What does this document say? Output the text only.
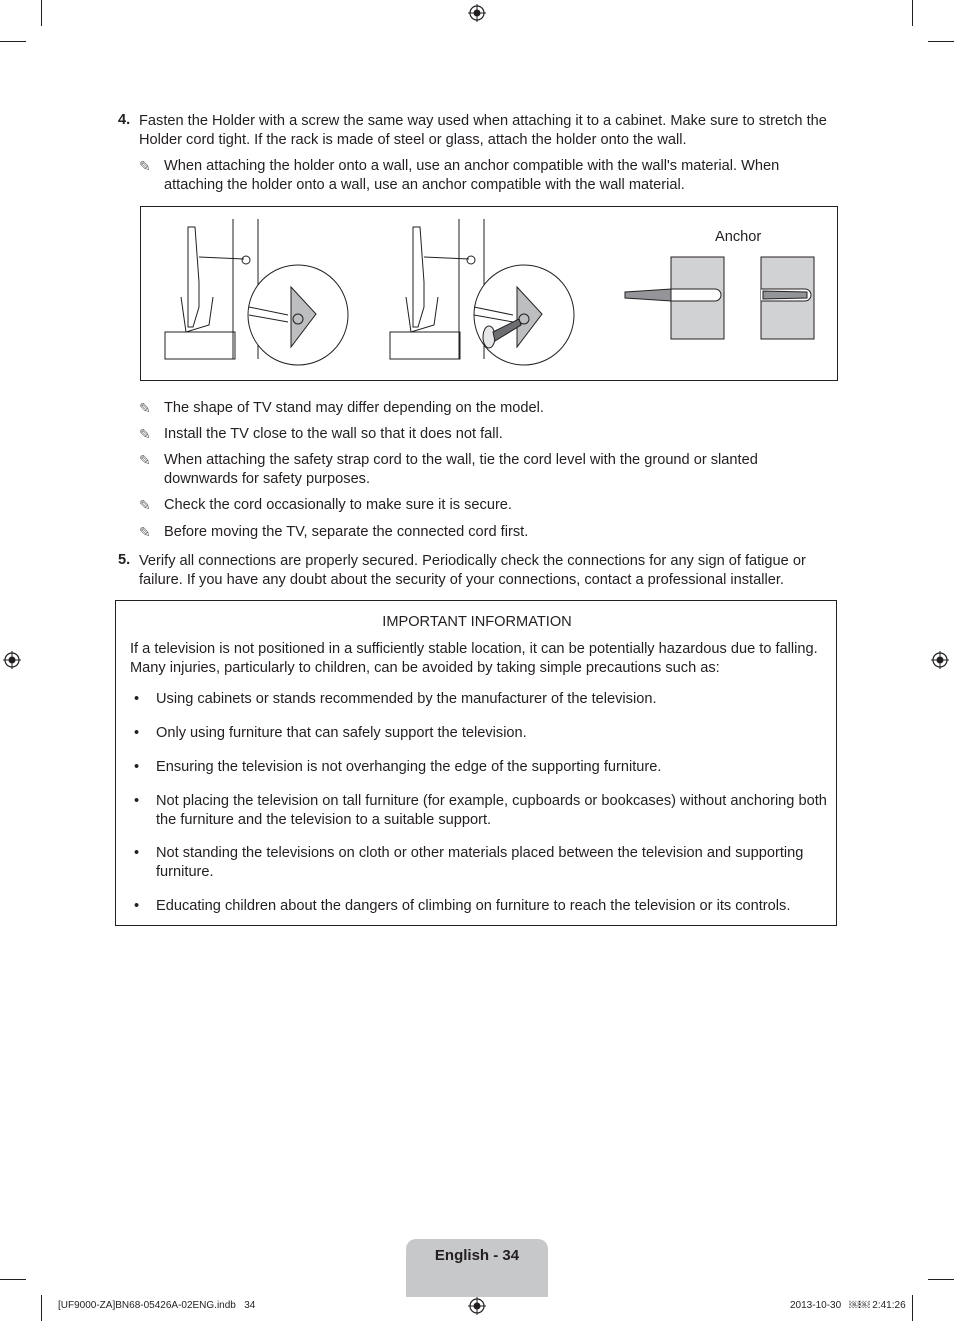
4. Fasten the Holder with a screw the same way used when attaching it to a cabinet. Make sure to stretch the Holder cord tight. If the rack is made of steel or glass, attach the holder onto the wall.
✎ When attaching the holder onto a wall, use an anchor compatible with the wall's material. When attaching the holder onto a wall, use an anchor compatible with the wall material.
Anchor
✎ The shape of TV stand may differ depending on the model.
✎ Install the TV close to the wall so that it does not fall.
✎ When attaching the safety strap cord to the wall, tie the cord level with the ground or slanted downwards for safety purposes.
✎ Check the cord occasionally to make sure it is secure.
✎ Before moving the TV, separate the connected cord first.
5. Verify all connections are properly secured. Periodically check the connections for any sign of fatigue or failure. If you have any doubt about the security of your connections, contact a professional installer.
IMPORTANT INFORMATION
If a television is not positioned in a sufficiently stable location, it can be potentially hazardous due to falling. Many injuries, particularly to children, can be avoided by taking simple precautions such as:
• Using cabinets or stands recommended by the manufacturer of the television.
• Only using furniture that can safely support the television.
• Ensuring the television is not overhanging the edge of the supporting furniture.
• Not placing the television on tall furniture (for example, cupboards or bookcases) without anchoring both the furniture and the television to a suitable support.
• Not standing the televisions on cloth or other materials placed between the television and supporting furniture.
• Educating children about the dangers of climbing on furniture to reach the television or its controls.
English - 34
[UF9000-ZA]BN68-05426A-02ENG.indb   34	2013-10-30   ￼￼ 2:41:26
